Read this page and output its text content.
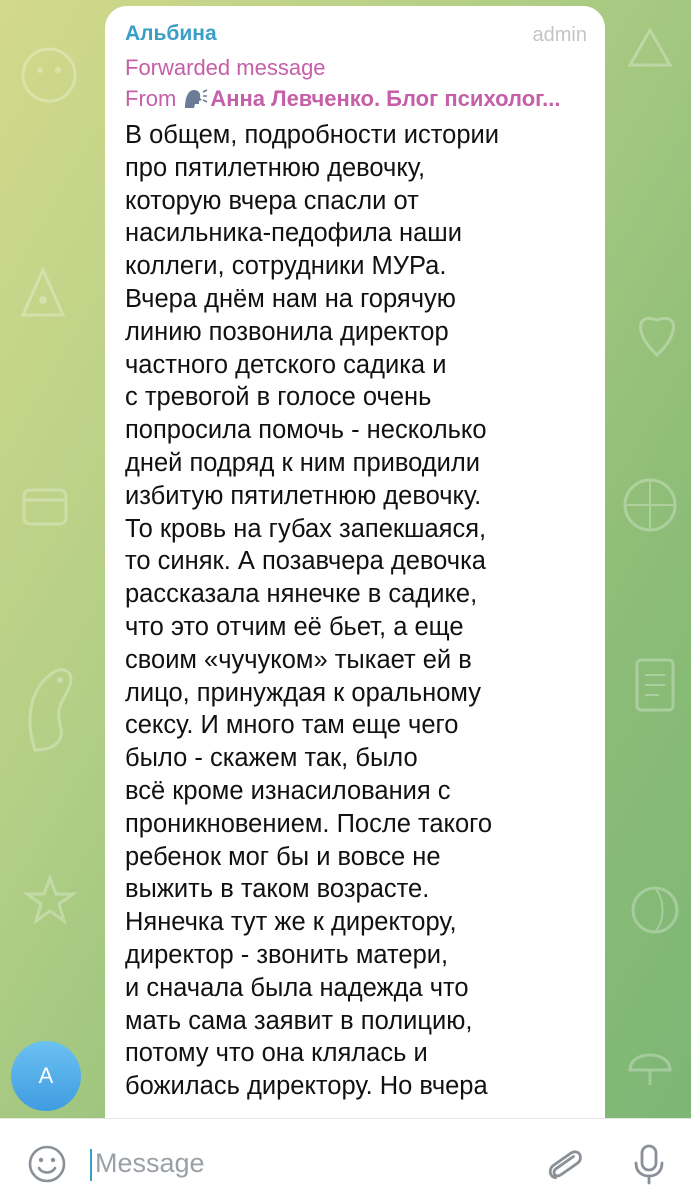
Альбина	admin
Forwarded message
From Анна Левченко. Блог психолог...
В общем, подробности истории
про пятилетнюю девочку,
которую вчера спасли от
насильника-педофила наши
коллеги, сотрудники МУРа.
Вчера днём нам на горячую
линию позвонила директор
частного детского садика и
с тревогой в голосе очень
попросила помочь - несколько
дней подряд к ним приводили
избитую пятилетнюю девочку.
То кровь на губах запекшаяся,
то синяк. А позавчера девочка
рассказала нянечке в садике,
что это отчим её бьет, а еще
своим «чучуком» тыкает ей в
лицо, принуждая к оральному
сексу. И много там еще чего
было - скажем так, было
всё кроме изнасилования с
проникновением. После такого
ребенок мог бы и вовсе не
выжить в таком возрасте.
Нянечка тут же к директору,
директор - звонить матери,
и сначала была надежда что
мать сама заявит в полицию,
потому что она клялась и
божилась директору. Но вчера
A
Message
